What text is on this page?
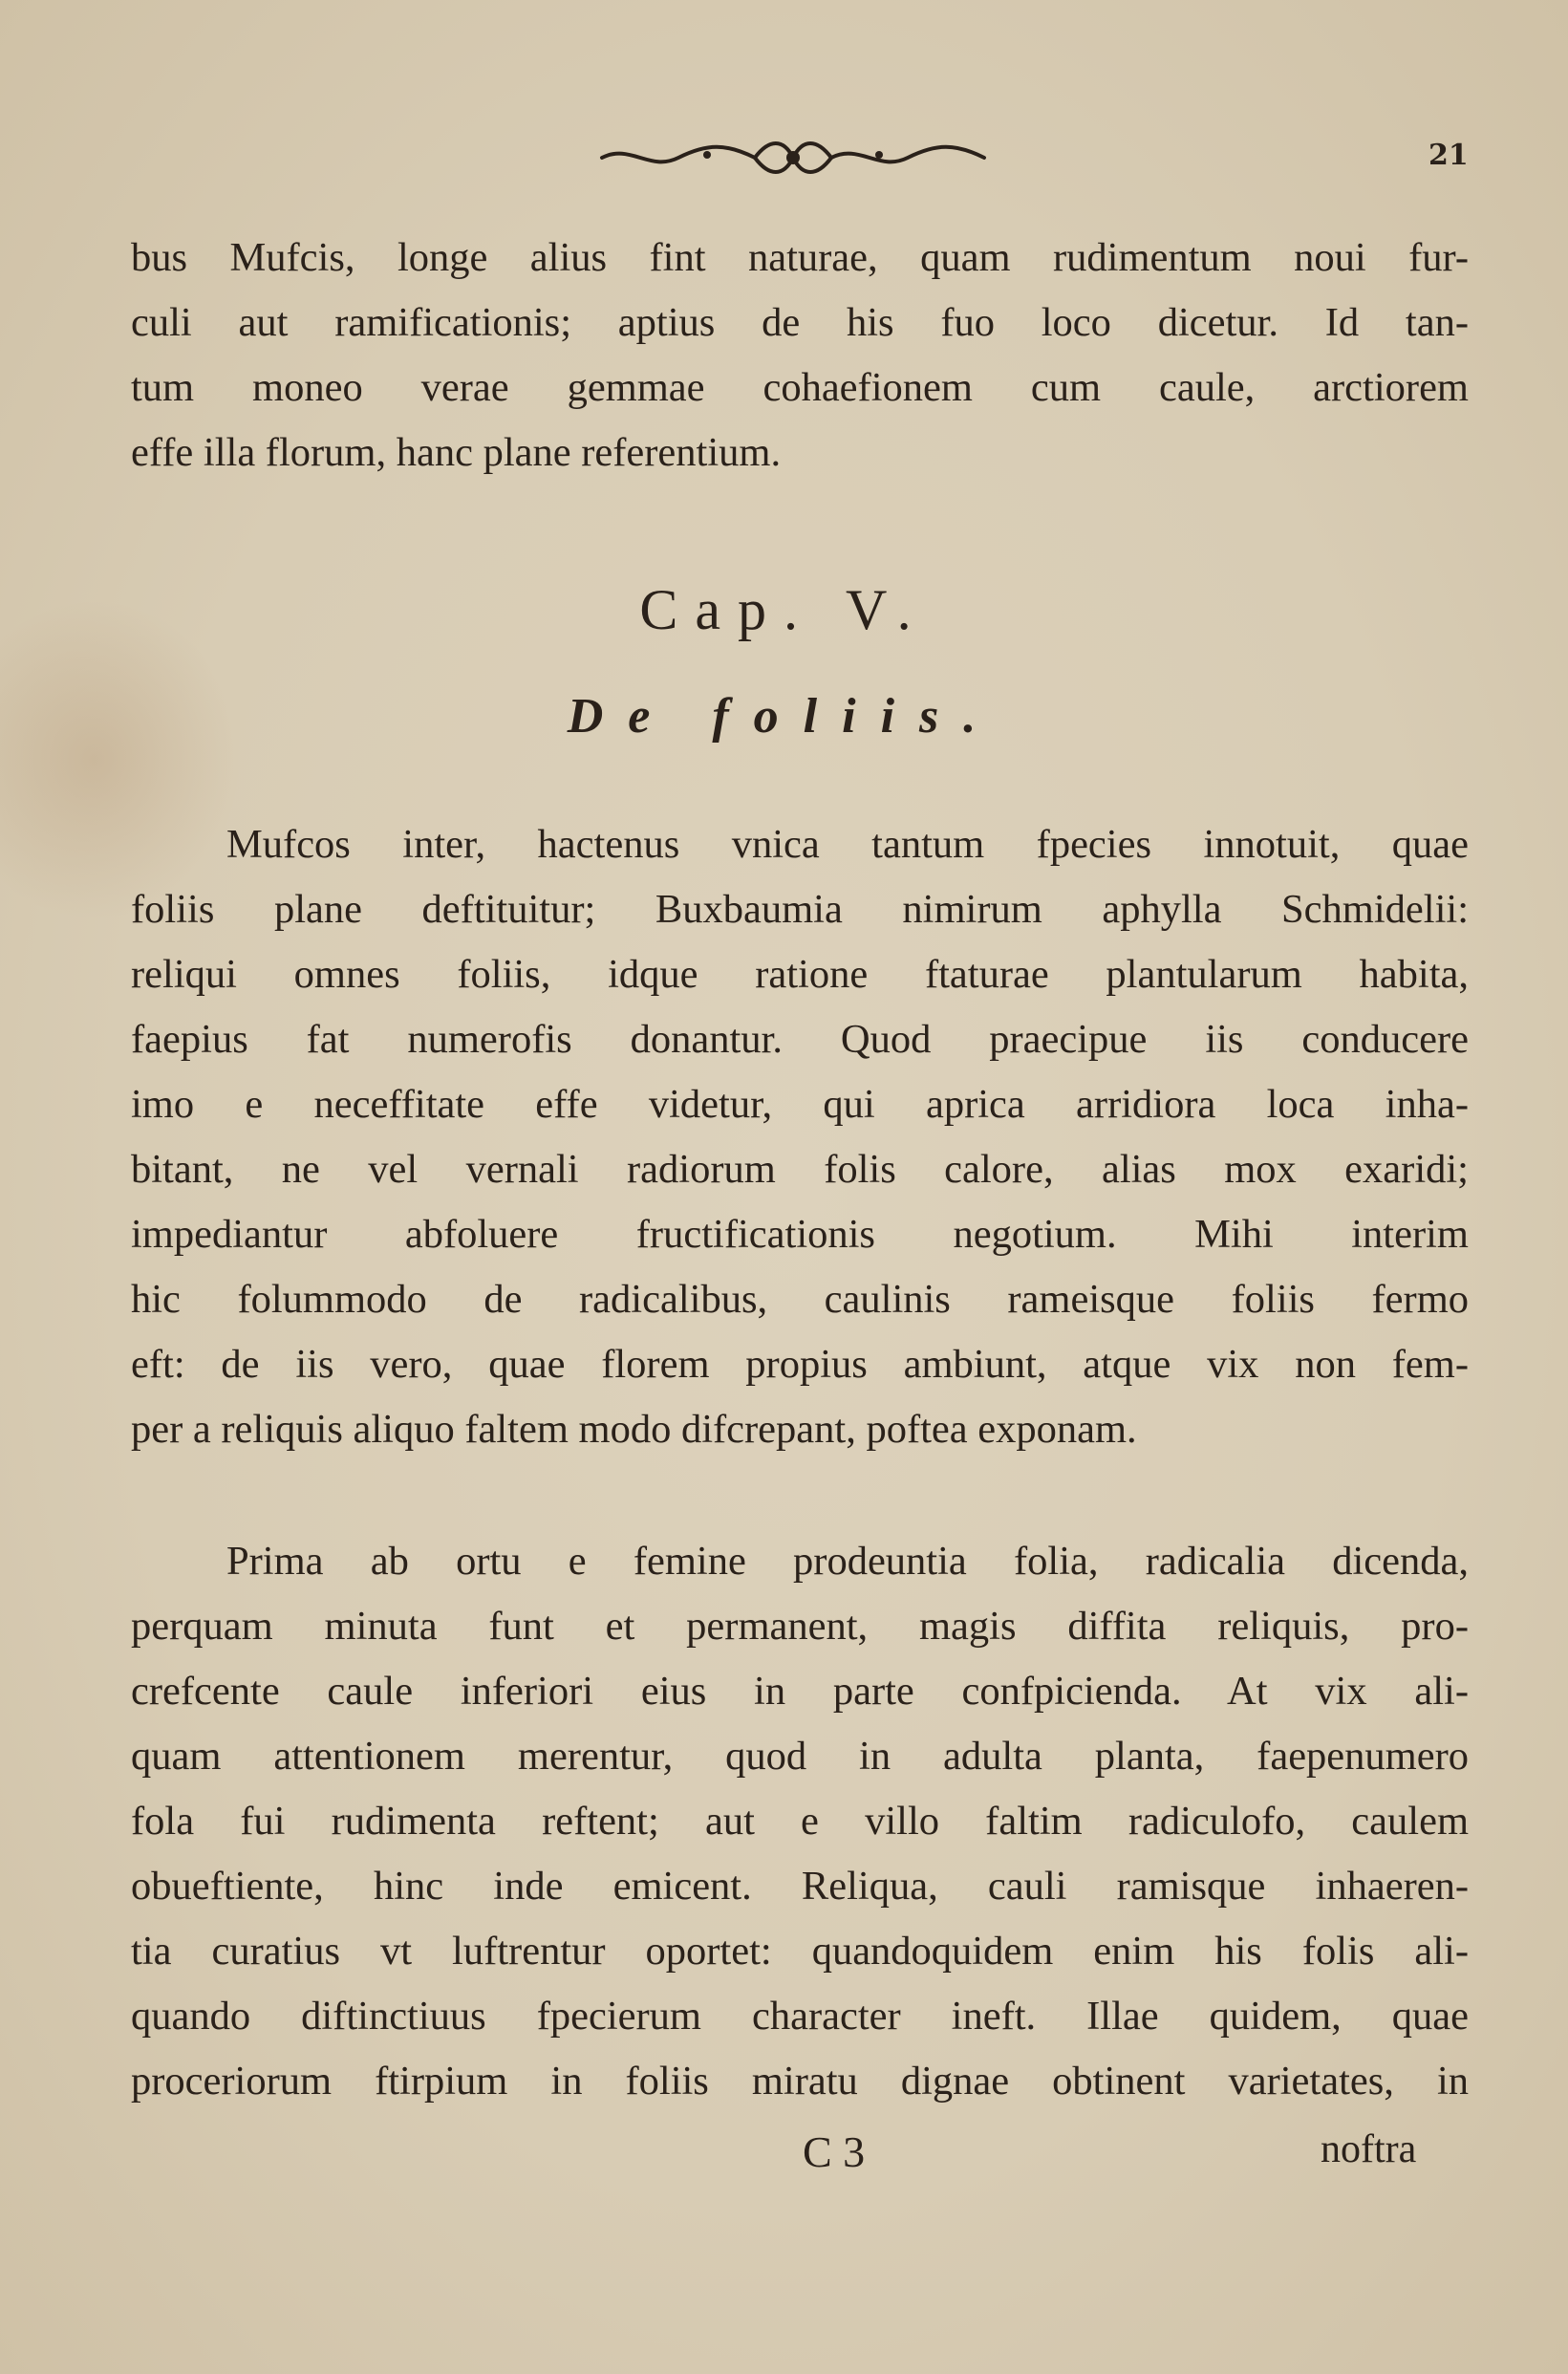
21
bus Mufcis, longe alius fint naturae, quam rudimentum noui fur-
culi aut ramificationis; aptius de his fuo loco dicetur. Id tan-
tum moneo verae gemmae cohaefionem cum caule, arctiorem
effe illa florum, hanc plane referentium.
Cap. V.
De foliis.
Mufcos inter, hactenus vnica tantum fpecies innotuit, quae
foliis plane deftituitur; Buxbaumia nimirum aphylla Schmidelii:
reliqui omnes foliis, idque ratione ftaturae plantularum habita,
faepius fat numerofis donantur. Quod praecipue iis conducere
imo e neceffitate effe videtur, qui aprica arridiora loca inha-
bitant, ne vel vernali radiorum folis calore, alias mox exaridi;
impediantur abfoluere fructificationis negotium. Mihi interim
hic folummodo de radicalibus, caulinis rameisque foliis fermo
eft: de iis vero, quae florem propius ambiunt, atque vix non fem-
per a reliquis aliquo faltem modo difcrepant, poftea exponam.
Prima ab ortu e femine prodeuntia folia, radicalia dicenda,
perquam minuta funt et permanent, magis diffita reliquis, pro-
crefcente caule inferiori eius in parte confpicienda. At vix ali-
quam attentionem merentur, quod in adulta planta, faepenumero
fola fui rudimenta reftent; aut e villo faltim radiculofo, caulem
obueftiente, hinc inde emicent. Reliqua, cauli ramisque inhaeren-
tia curatius vt luftrentur oportet: quandoquidem enim his folis ali-
quando diftinctiuus fpecierum character ineft. Illae quidem, quae
proceriorum ftirpium in foliis miratu dignae obtinent varietates, in
C 3	noftra
